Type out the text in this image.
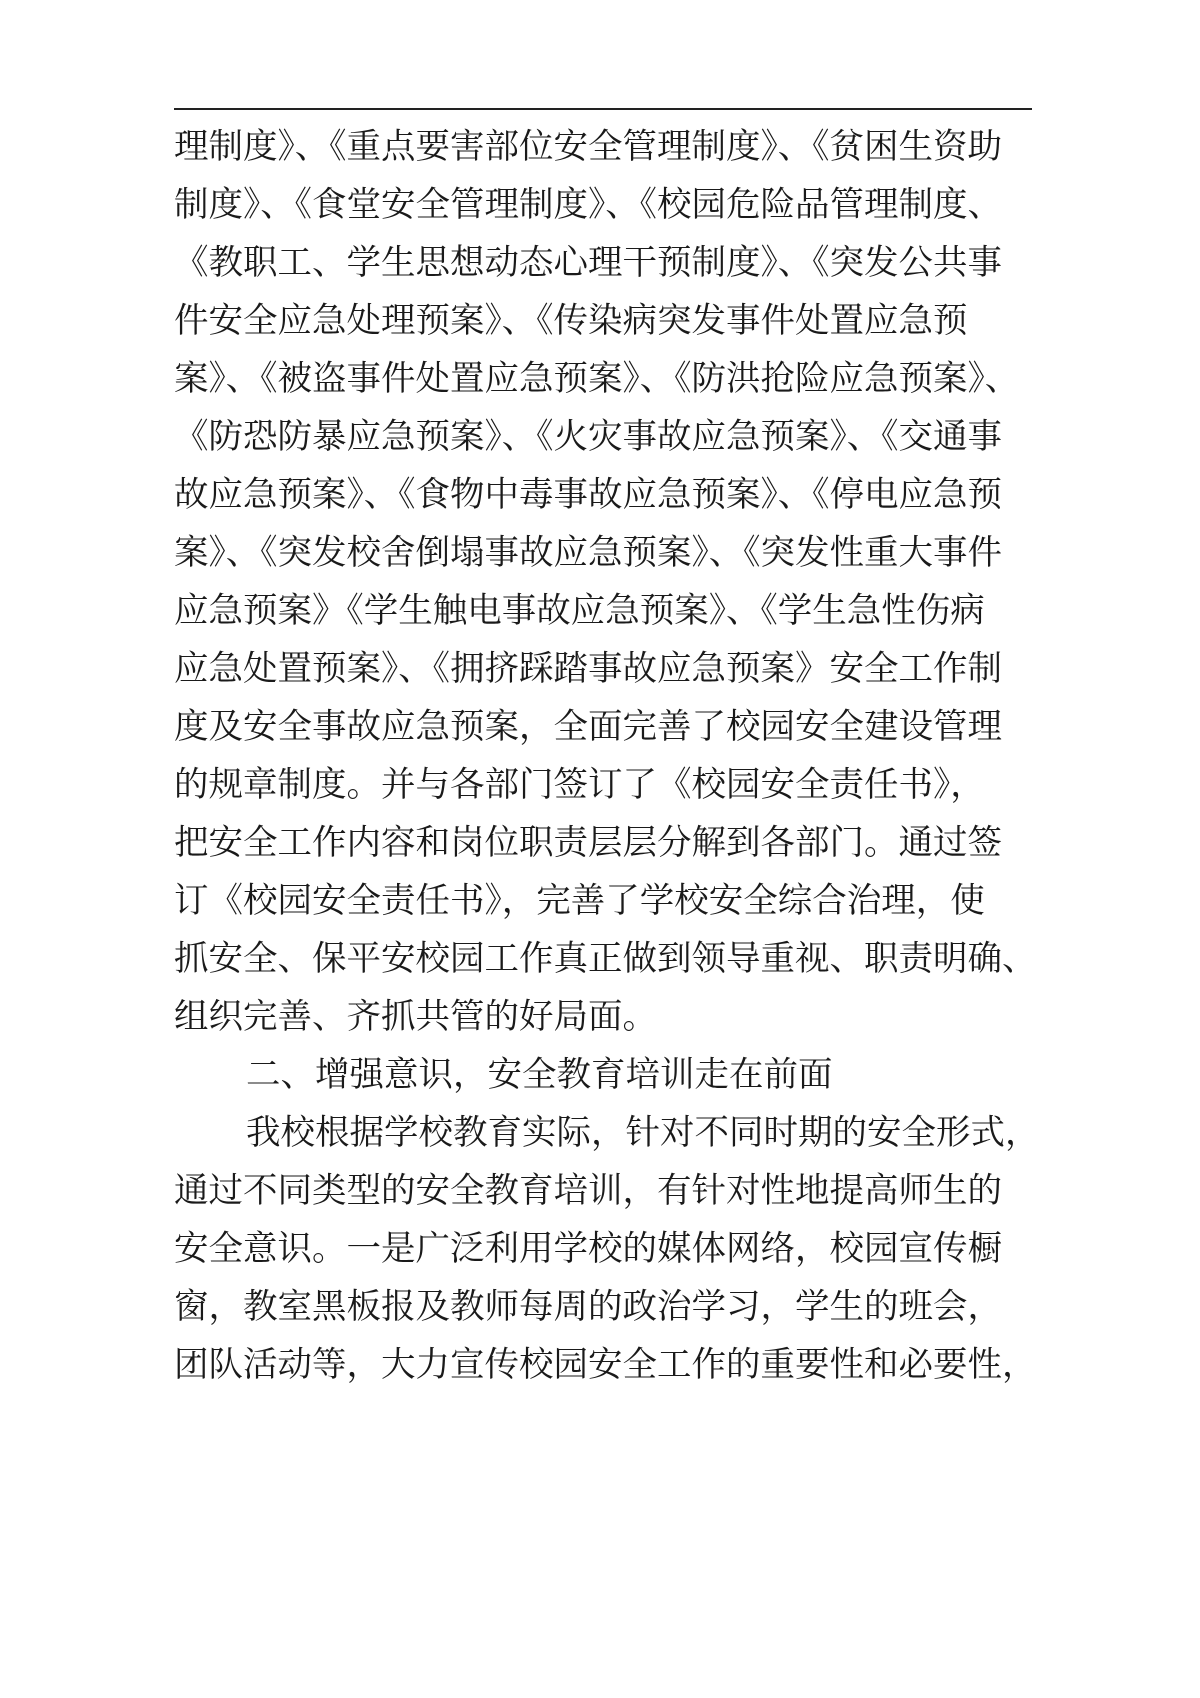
理制度》、《重点要害部位安全管理制度》、《贫困生资助
制度》、《食堂安全管理制度》、《校园危险品管理制度、
《教职工、学生思想动态心理干预制度》、《突发公共事
件安全应急处理预案》、《传染病突发事件处置应急预
案》、《被盗事件处置应急预案》、《防洪抢险应急预案》、
《防恐防暴应急预案》、《火灾事故应急预案》、《交通事
故应急预案》、《食物中毒事故应急预案》、《停电应急预
案》、《突发校舍倒塌事故应急预案》、《突发性重大事件
应急预案》《学生触电事故应急预案》、《学生急性伤病
应急处置预案》、《拥挤踩踏事故应急预案》安全工作制
度及安全事故应急预案，全面完善了校园安全建设管理
的规章制度。并与各部门签订了《校园安全责任书》，
把安全工作内容和岗位职责层层分解到各部门。通过签
订《校园安全责任书》，完善了学校安全综合治理，使
抓安全、保平安校园工作真正做到领导重视、职责明确、
组织完善、齐抓共管的好局面。
二、增强意识，安全教育培训走在前面
我校根据学校教育实际，针对不同时期的安全形式，
通过不同类型的安全教育培训，有针对性地提高师生的
安全意识。一是广泛利用学校的媒体网络，校园宣传橱
窗，教室黑板报及教师每周的政治学习，学生的班会，
团队活动等，大力宣传校园安全工作的重要性和必要性，
